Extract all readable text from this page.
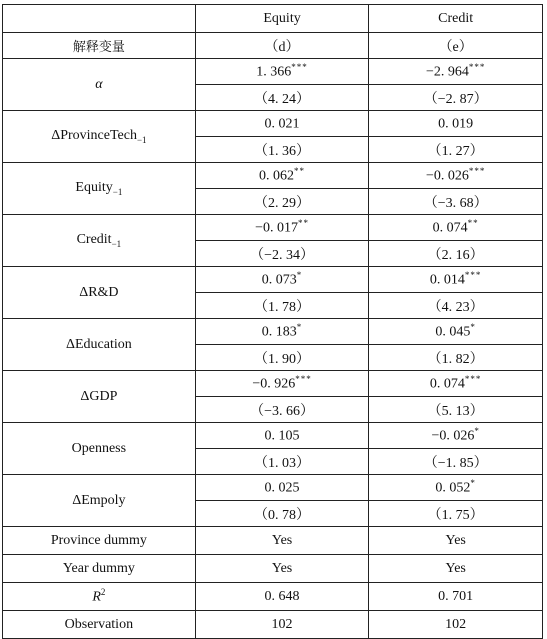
	Equity	Credit
解释变量	（d）	（e）
α	1. 366***	−2. 964***
	（4. 24）	（−2. 87）
ΔProvinceTech$_{-1}$	0. 021	0. 019
	（1. 36）	（1. 27）
Equity$_{-1}$	0. 062**	−0. 026***
	（2. 29）	（−3. 68）
Credit$_{-1}$	−0. 017**	0. 074**
	（−2. 34）	（2. 16）
ΔR&D	0. 073*	0. 014***
	（1. 78）	（4. 23）
ΔEducation	0. 183*	0. 045*
	（1. 90）	（1. 82）
ΔGDP	−0. 926***	0. 074***
	（−3. 66）	（5. 13）
Openness	0. 105	−0. 026*
	（1. 03）	（−1. 85）
ΔEmpoly	0. 025	0. 052*
	（0. 78）	（1. 75）
Province dummy	Yes	Yes
Year dummy	Yes	Yes
$R^2$	0. 648	0. 701
Observation	102	102
